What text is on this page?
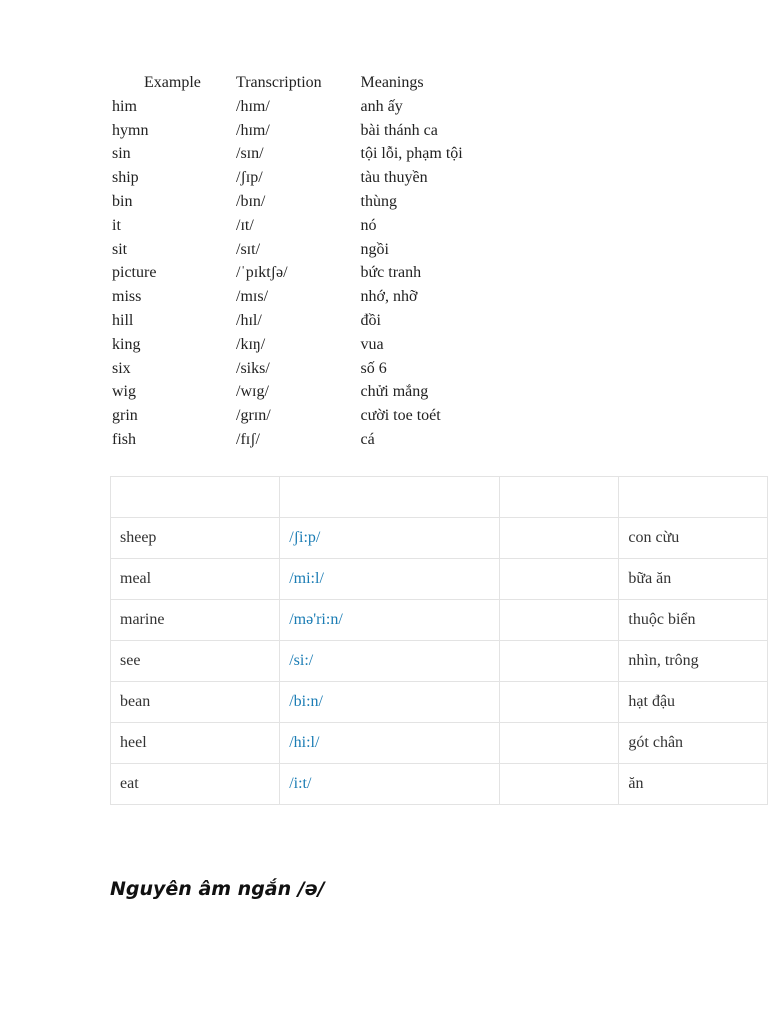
Example	Transcription	Meanings
him	/hɪm/	anh ấy
hymn	/hɪm/	bài thánh ca
sin	/sɪn/	tội lỗi, phạm tội
ship	/ʃɪp/	tàu thuyền
bin	/bɪn/	thùng
it	/ɪt/	nó
sit	/sɪt/	ngồi
picture	/ˈpɪktʃə/	bức tranh
miss	/mɪs/	nhớ, nhỡ
hill	/hɪl/	đồi
king	/kɪŋ/	vua
six	/siks/	số 6
wig	/wɪg/	chửi mắng
grin	/grɪn/	cười toe toét
fish	/fɪʃ/	cá

sheep	/ʃi:p/		con cừu
meal	/mi:l/		bữa ăn
marine	/mə'ri:n/		thuộc biển
see	/si:/		nhìn, trông
bean	/bi:n/		hạt đậu
heel	/hi:l/		gót chân
eat	/i:t/		ăn
Nguyên âm ngắn /ə/
